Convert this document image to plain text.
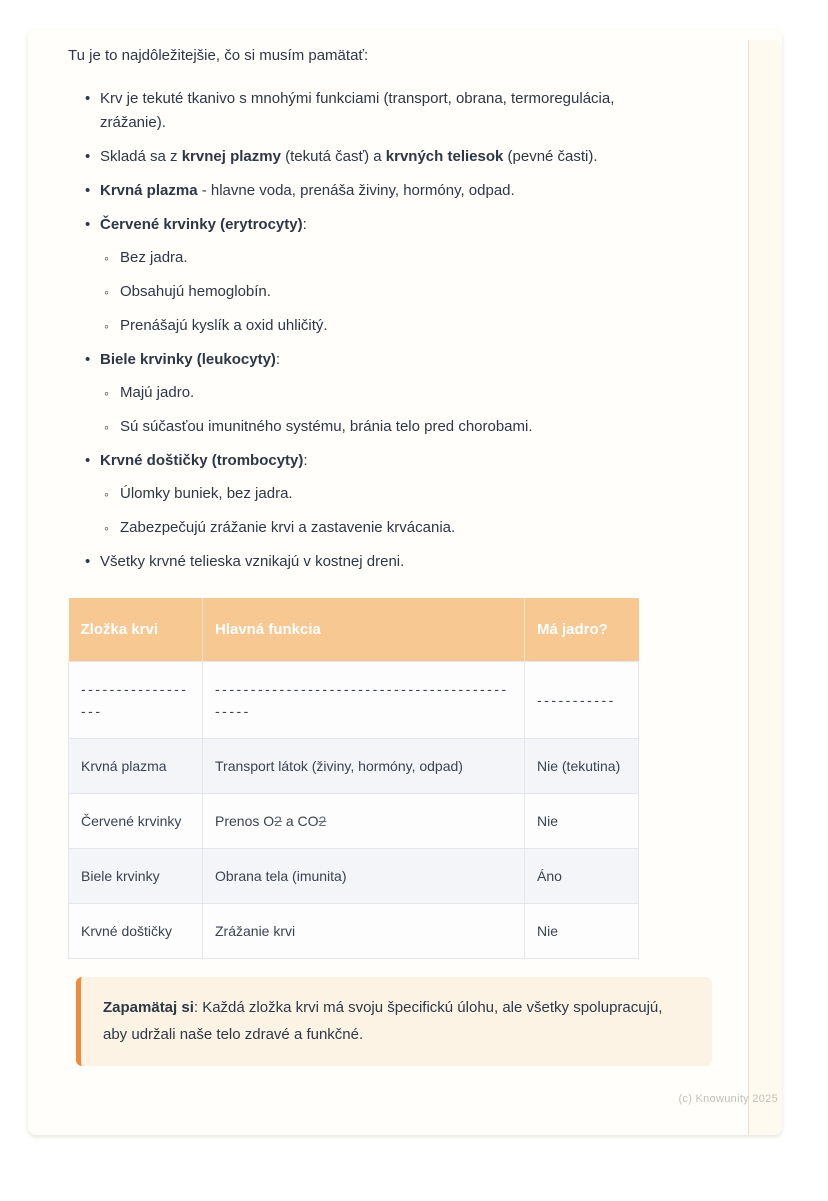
Tu je to najdôležitejšie, čo si musím pamätať:

• Krv je tekuté tkanivo s mnohými funkciami (transport, obrana, termoregulácia, zrážanie).
• Skladá sa z krvnej plazmy (tekutá časť) a krvných teliesok (pevné časti).
• Krvná plazma - hlavne voda, prenáša živiny, hormóny, odpad.
• Červené krvinky (erytrocyty):
◦ Bez jadra.
◦ Obsahujú hemoglobín.
◦ Prenášajú kyslík a oxid uhličitý.
• Biele krvinky (leukocyty):
◦ Majú jadro.
◦ Sú súčasťou imunitného systému, bránia telo pred chorobami.
• Krvné doštičky (trombocyty):
◦ Úlomky buniek, bez jadra.
◦ Zabezpečujú zrážanie krvi a zastavenie krvácania.
• Všetky krvné telieska vznikajú v kostnej dreni.
Zložka krvi	Hlavná funkcia	Má jadro?
------------------	----------------------------------------------	-----------
Krvná plazma	Transport látok (živiny, hormóny, odpad)	Nie (tekutina)
Červené krvinky	Prenos O2 a CO2	Nie
Biele krvinky	Obrana tela (imunita)	Áno
Krvné doštičky	Zrážanie krvi	Nie
Zapamätaj si: Každá zložka krvi má svoju špecifickú úlohu, ale všetky spolupracujú, aby udržali naše telo zdravé a funkčné.
(c) Knowunity 2025
